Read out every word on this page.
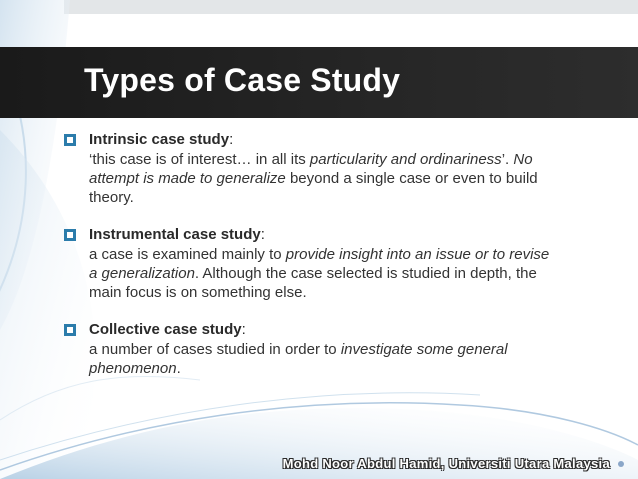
Types of Case Study
Intrinsic case study:
‘this case is of interest… in all its particularity and ordinariness’. No
attempt is made to generalize beyond a single case or even to build
theory.
Instrumental case study:
a case is examined mainly to provide insight into an issue or to revise
a generalization. Although the case selected is studied in depth, the
main focus is on something else.
Collective case study:
a number of cases studied in order to investigate some general
phenomenon.
Mohd Noor Abdul Hamid, Universiti Utara Malaysia
